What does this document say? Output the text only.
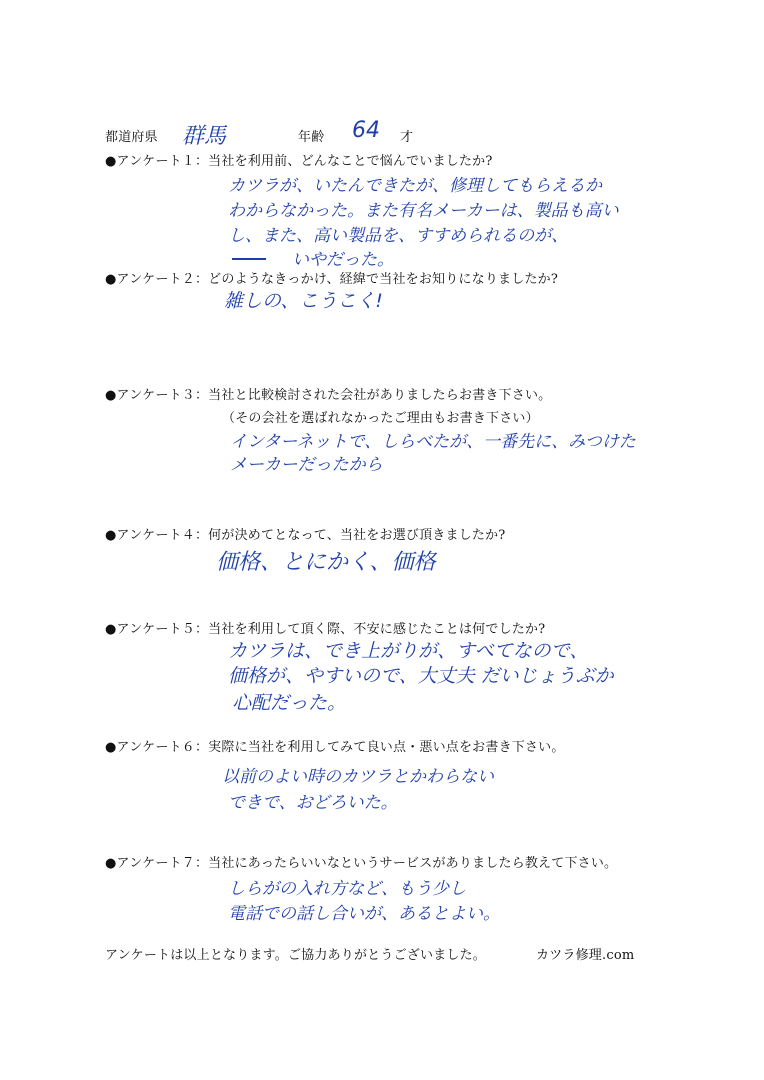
都道府県 群馬	年齢 64 才
●アンケート１：当社を利用前、どんなことで悩んでいましたか?
カツラが、いたんできたが、修理してもらえるか
わからなかった。また有名メーカーは、製品も高い
し、また、高い製品を、すすめられるのが、
いやだった。
●アンケート２：どのようなきっかけ、経緯で当社をお知りになりましたか?
雑しの、こうこく!
●アンケート３：当社と比較検討された会社がありましたらお書き下さい。
（その会社を選ばれなかったご理由もお書き下さい）
インターネットで、しらべたが、一番先に、みつけた
メーカーだったから
●アンケート４：何が決めてとなって、当社をお選び頂きましたか?
価格、とにかく、価格
●アンケート５：当社を利用して頂く際、不安に感じたことは何でしたか?
カツラは、でき上がりが、すべてなので、
価格が、やすいので、大丈夫 だいじょうぶか
心配だった。
●アンケート６：実際に当社を利用してみて良い点・悪い点をお書き下さい。
以前のよい時のカツラとかわらない
できで、おどろいた。
●アンケート７：当社にあったらいいなというサービスがありましたら教えて下さい。
しらがの入れ方など、もう少し
電話での話し合いが、あるとよい。
アンケートは以上となります。ご協力ありがとうございました。	カツラ修理.com
